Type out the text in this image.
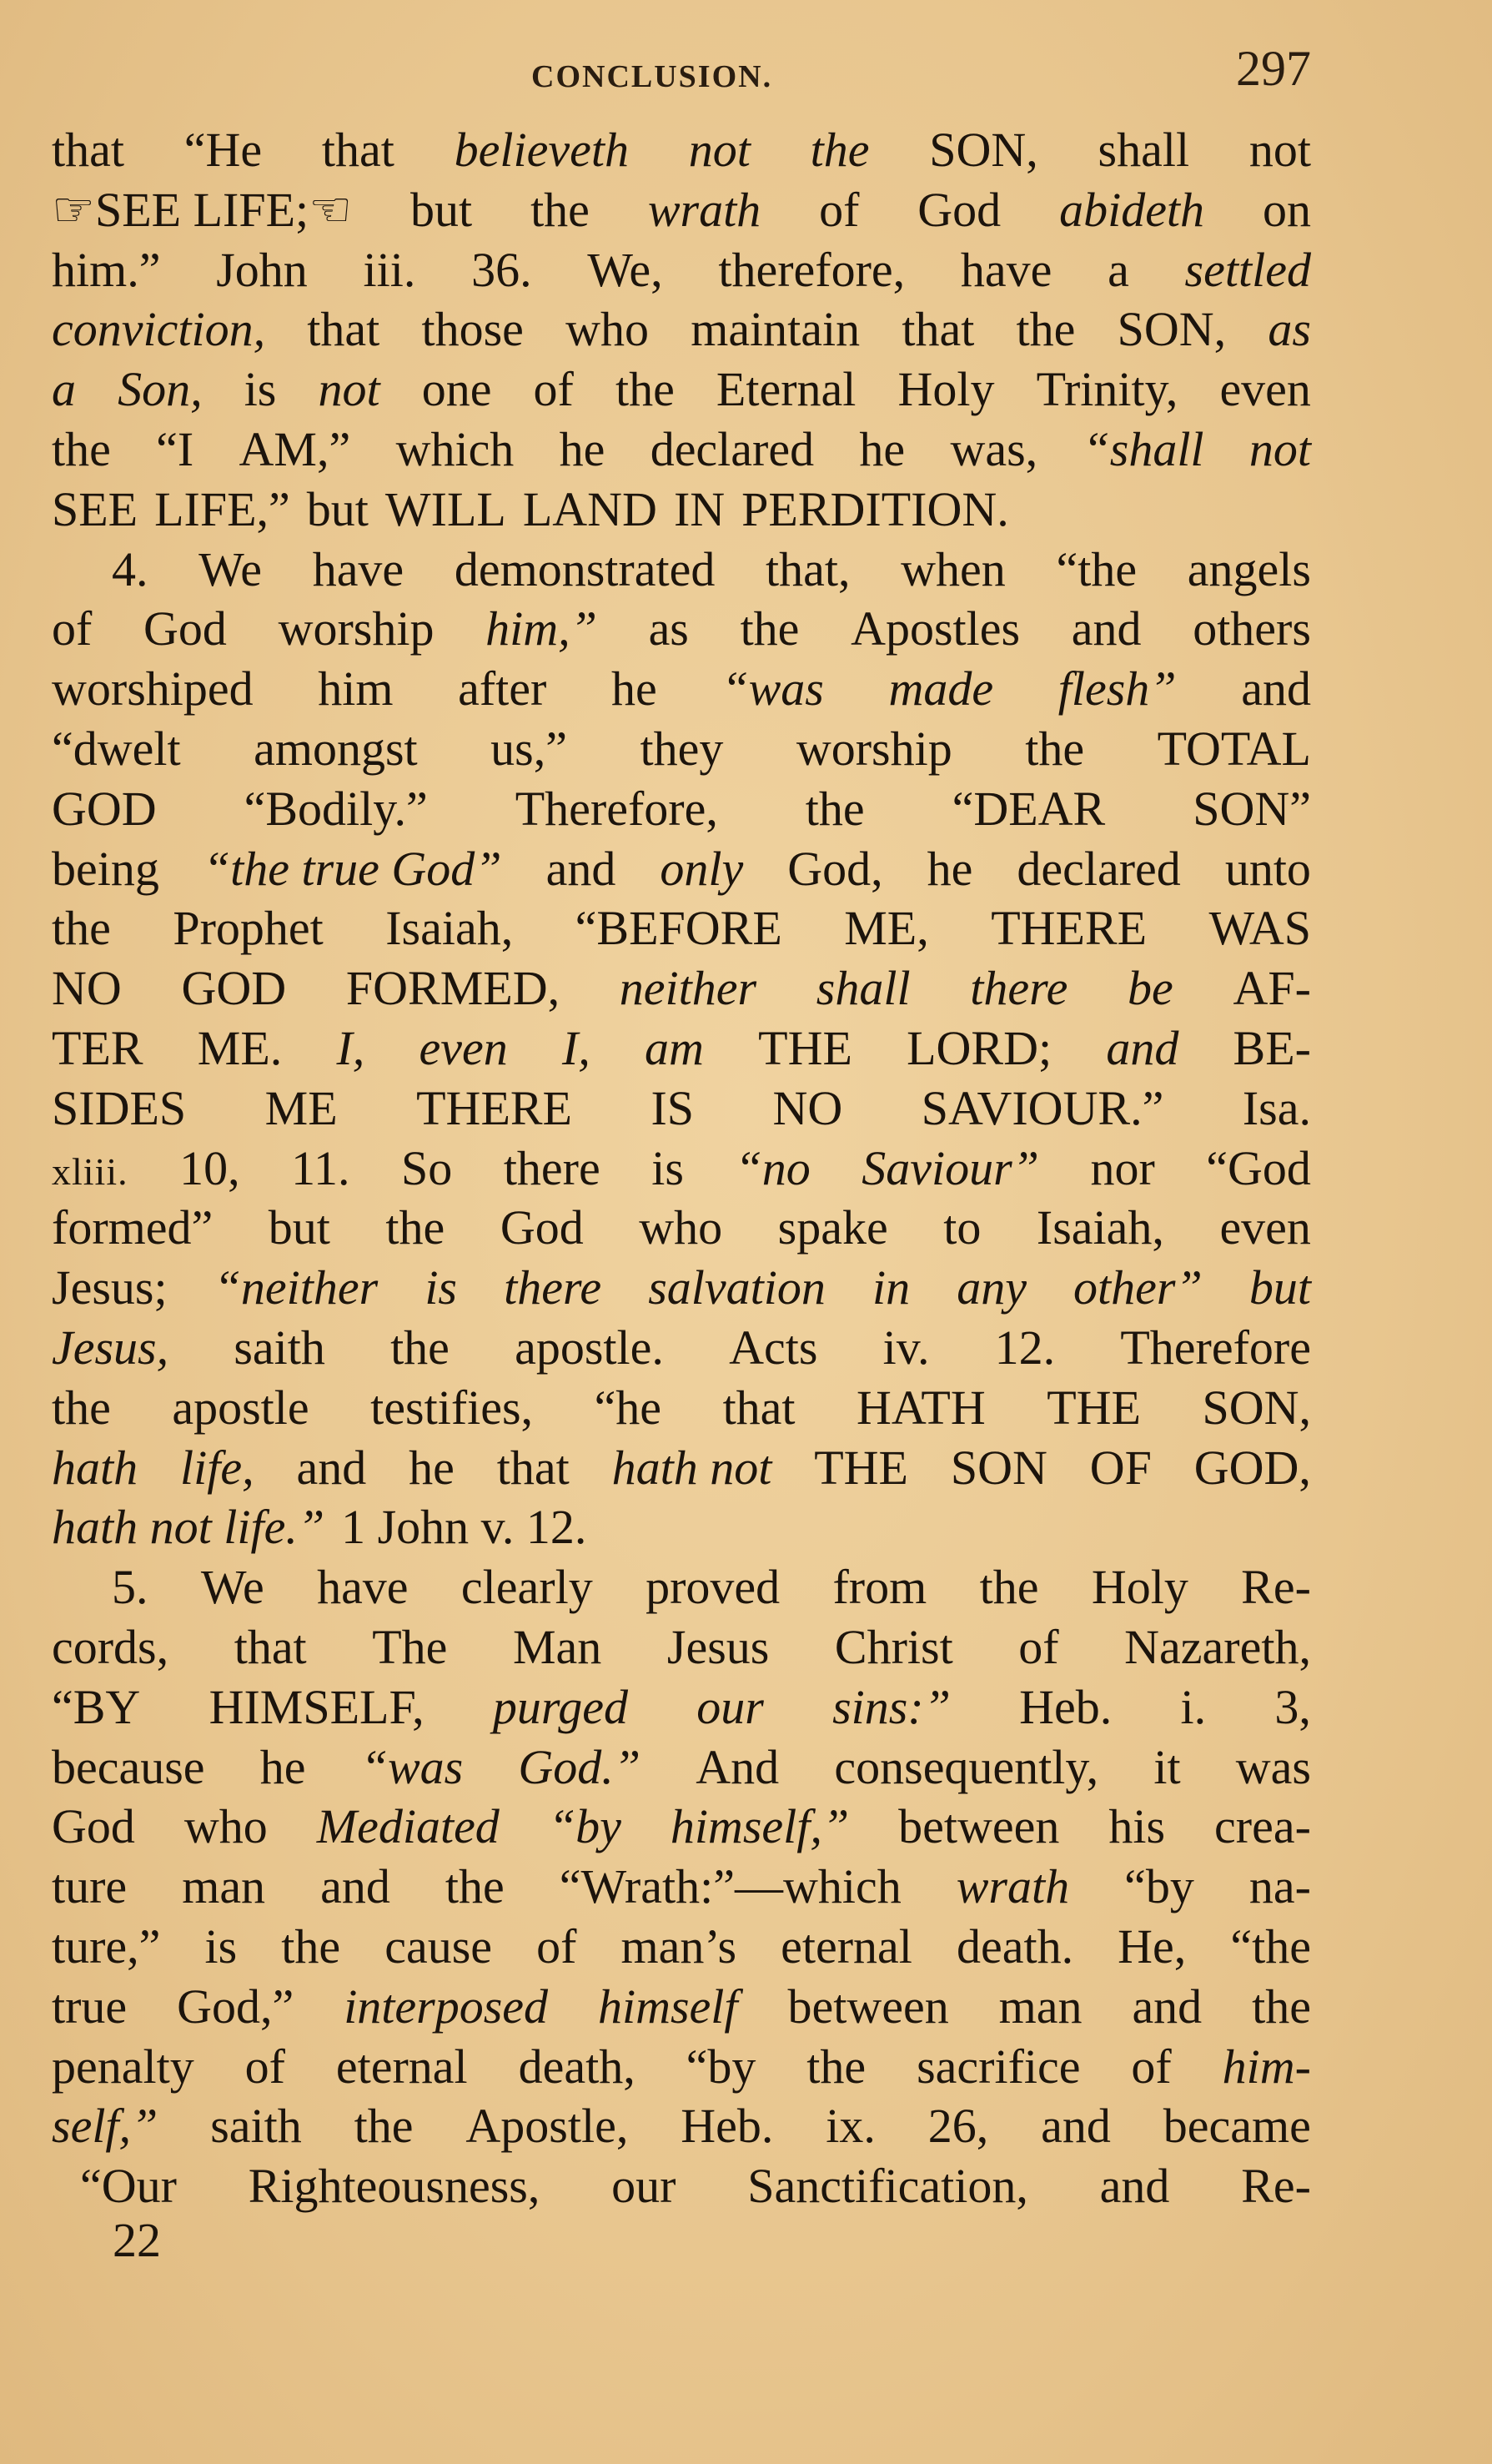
CONCLUSION.	297
that “He that believeth not the SON, shall not
☞SEE LIFE;☜ but the wrath of God abideth on
him.” John iii. 36. We, therefore, have a settled
conviction, that those who maintain that the SON, as
a Son, is not one of the Eternal Holy Trinity, even
the “I AM,” which he declared he was, “shall not
SEE LIFE,” but WILL LAND IN PERDITION.
4. We have demonstrated that, when “the angels
of God worship him,” as the Apostles and others
worshiped him after he “was made flesh” and
“dwelt amongst us,” they worship the TOTAL
GOD “Bodily.” Therefore, the “DEAR SON”
being “the true God” and only God, he declared unto
the Prophet Isaiah, “BEFORE ME, THERE WAS
NO GOD FORMED, neither shall there be AF-
TER ME. I, even I, am THE LORD; and BE-
SIDES ME THERE IS NO SAVIOUR.” Isa.
xliii. 10, 11. So there is “no Saviour” nor “God
formed” but the God who spake to Isaiah, even
Jesus; “neither is there salvation in any other” but
Jesus, saith the apostle. Acts iv. 12. Therefore
the apostle testifies, “he that HATH THE SON,
hath life, and he that hath not THE SON OF GOD,
hath not life.” 1 John v. 12.
5. We have clearly proved from the Holy Re-
cords, that The Man Jesus Christ of Nazareth,
“BY HIMSELF, purged our sins:” Heb. i. 3,
because he “was God.” And consequently, it was
God who Mediated “by himself,” between his crea-
ture man and the “Wrath:”—which wrath “by na-
ture,” is the cause of man’s eternal death. He, “the
true God,” interposed himself between man and the
penalty of eternal death, “by the sacrifice of him-
self,” saith the Apostle, Heb. ix. 26, and became
“Our Righteousness, our Sanctification, and Re-
22
